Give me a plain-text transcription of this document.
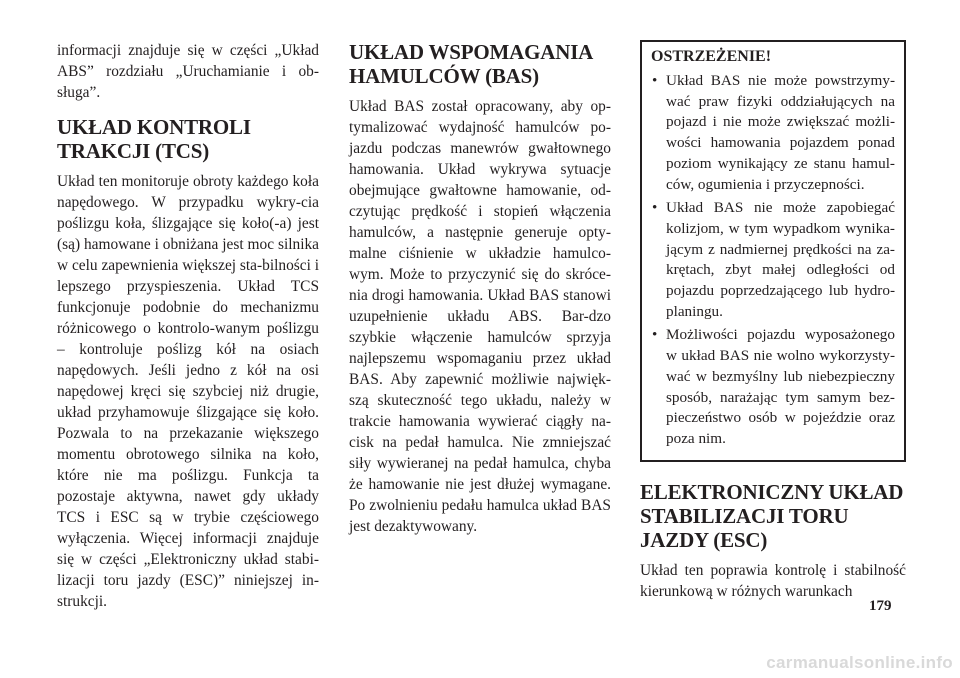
informacji znajduje się w części „Układ ABS” rozdziału „Uruchamianie i ob-sługa”.

UKŁAD KONTROLI
TRAKCJI (TCS)

Układ ten monitoruje obroty każdego koła napędowego. W przypadku wykry-cia poślizgu koła, ślizgające się koło(-a) jest (są) hamowane i obniżana jest moc silnika w celu zapewnienia większej sta-bilności i lepszego przyspieszenia. Układ TCS funkcjonuje podobnie do mechanizmu różnicowego o kontrolo-wanym poślizgu – kontroluje poślizg kół na osiach napędowych. Jeśli jedno z kół na osi napędowej kręci się szybciej niż drugie, układ przyhamowuje ślizgające się koło. Pozwala to na przekazanie większego momentu obrotowego silnika na koło, które nie ma poślizgu. Funkcja ta pozostaje aktywna, nawet gdy układy TCS i ESC są w trybie częściowego wyłączenia. Więcej informacji znajduje się w części „Elektroniczny układ stabi-lizacji toru jazdy (ESC)” niniejszej in-strukcji.

UKŁAD WSPOMAGANIA
HAMULCÓW (BAS)

Układ BAS został opracowany, aby op-tymalizować wydajność hamulców po-jazdu podczas manewrów gwałtownego hamowania. Układ wykrywa sytuacje obejmujące gwałtowne hamowanie, od-czytując prędkość i stopień włączenia hamulców, a następnie generuje opty-malne ciśnienie w układzie hamulco-wym. Może to przyczynić się do skróce-nia drogi hamowania. Układ BAS stanowi uzupełnienie układu ABS. Bar-dzo szybkie włączenie hamulców sprzyja najlepszemu wspomaganiu przez układ BAS. Aby zapewnić możliwie najwięk-szą skuteczność tego układu, należy w trakcie hamowania wywierać ciągły na-cisk na pedał hamulca. Nie zmniejszać siły wywieranej na pedał hamulca, chyba że hamowanie nie jest dłużej wymagane. Po zwolnieniu pedału hamulca układ BAS jest dezaktywowany.

OSTRZEŻENIE!

• Układ BAS nie może powstrzymy-wać praw fizyki oddziałujących na pojazd i nie może zwiększać możli-wości hamowania pojazdem ponad poziom wynikający ze stanu hamul-ców, ogumienia i przyczepności.
• Układ BAS nie może zapobiegać kolizjom, w tym wypadkom wynika-jącym z nadmiernej prędkości na za-krętach, zbyt małej odległości od pojazdu poprzedzającego lub hydro-planingu.
• Możliwości pojazdu wyposażonego w układ BAS nie wolno wykorzysty-wać w bezmyślny lub niebezpieczny sposób, narażając tym samym bez-pieczeństwo osób w pojeździe oraz poza nim.
ELEKTRONICZNY UKŁAD
STABILIZACJI TORU
JAZDY (ESC)

Układ ten poprawia kontrolę i stabilność kierunkową w różnych warunkach

179

carmanualsonline.info
